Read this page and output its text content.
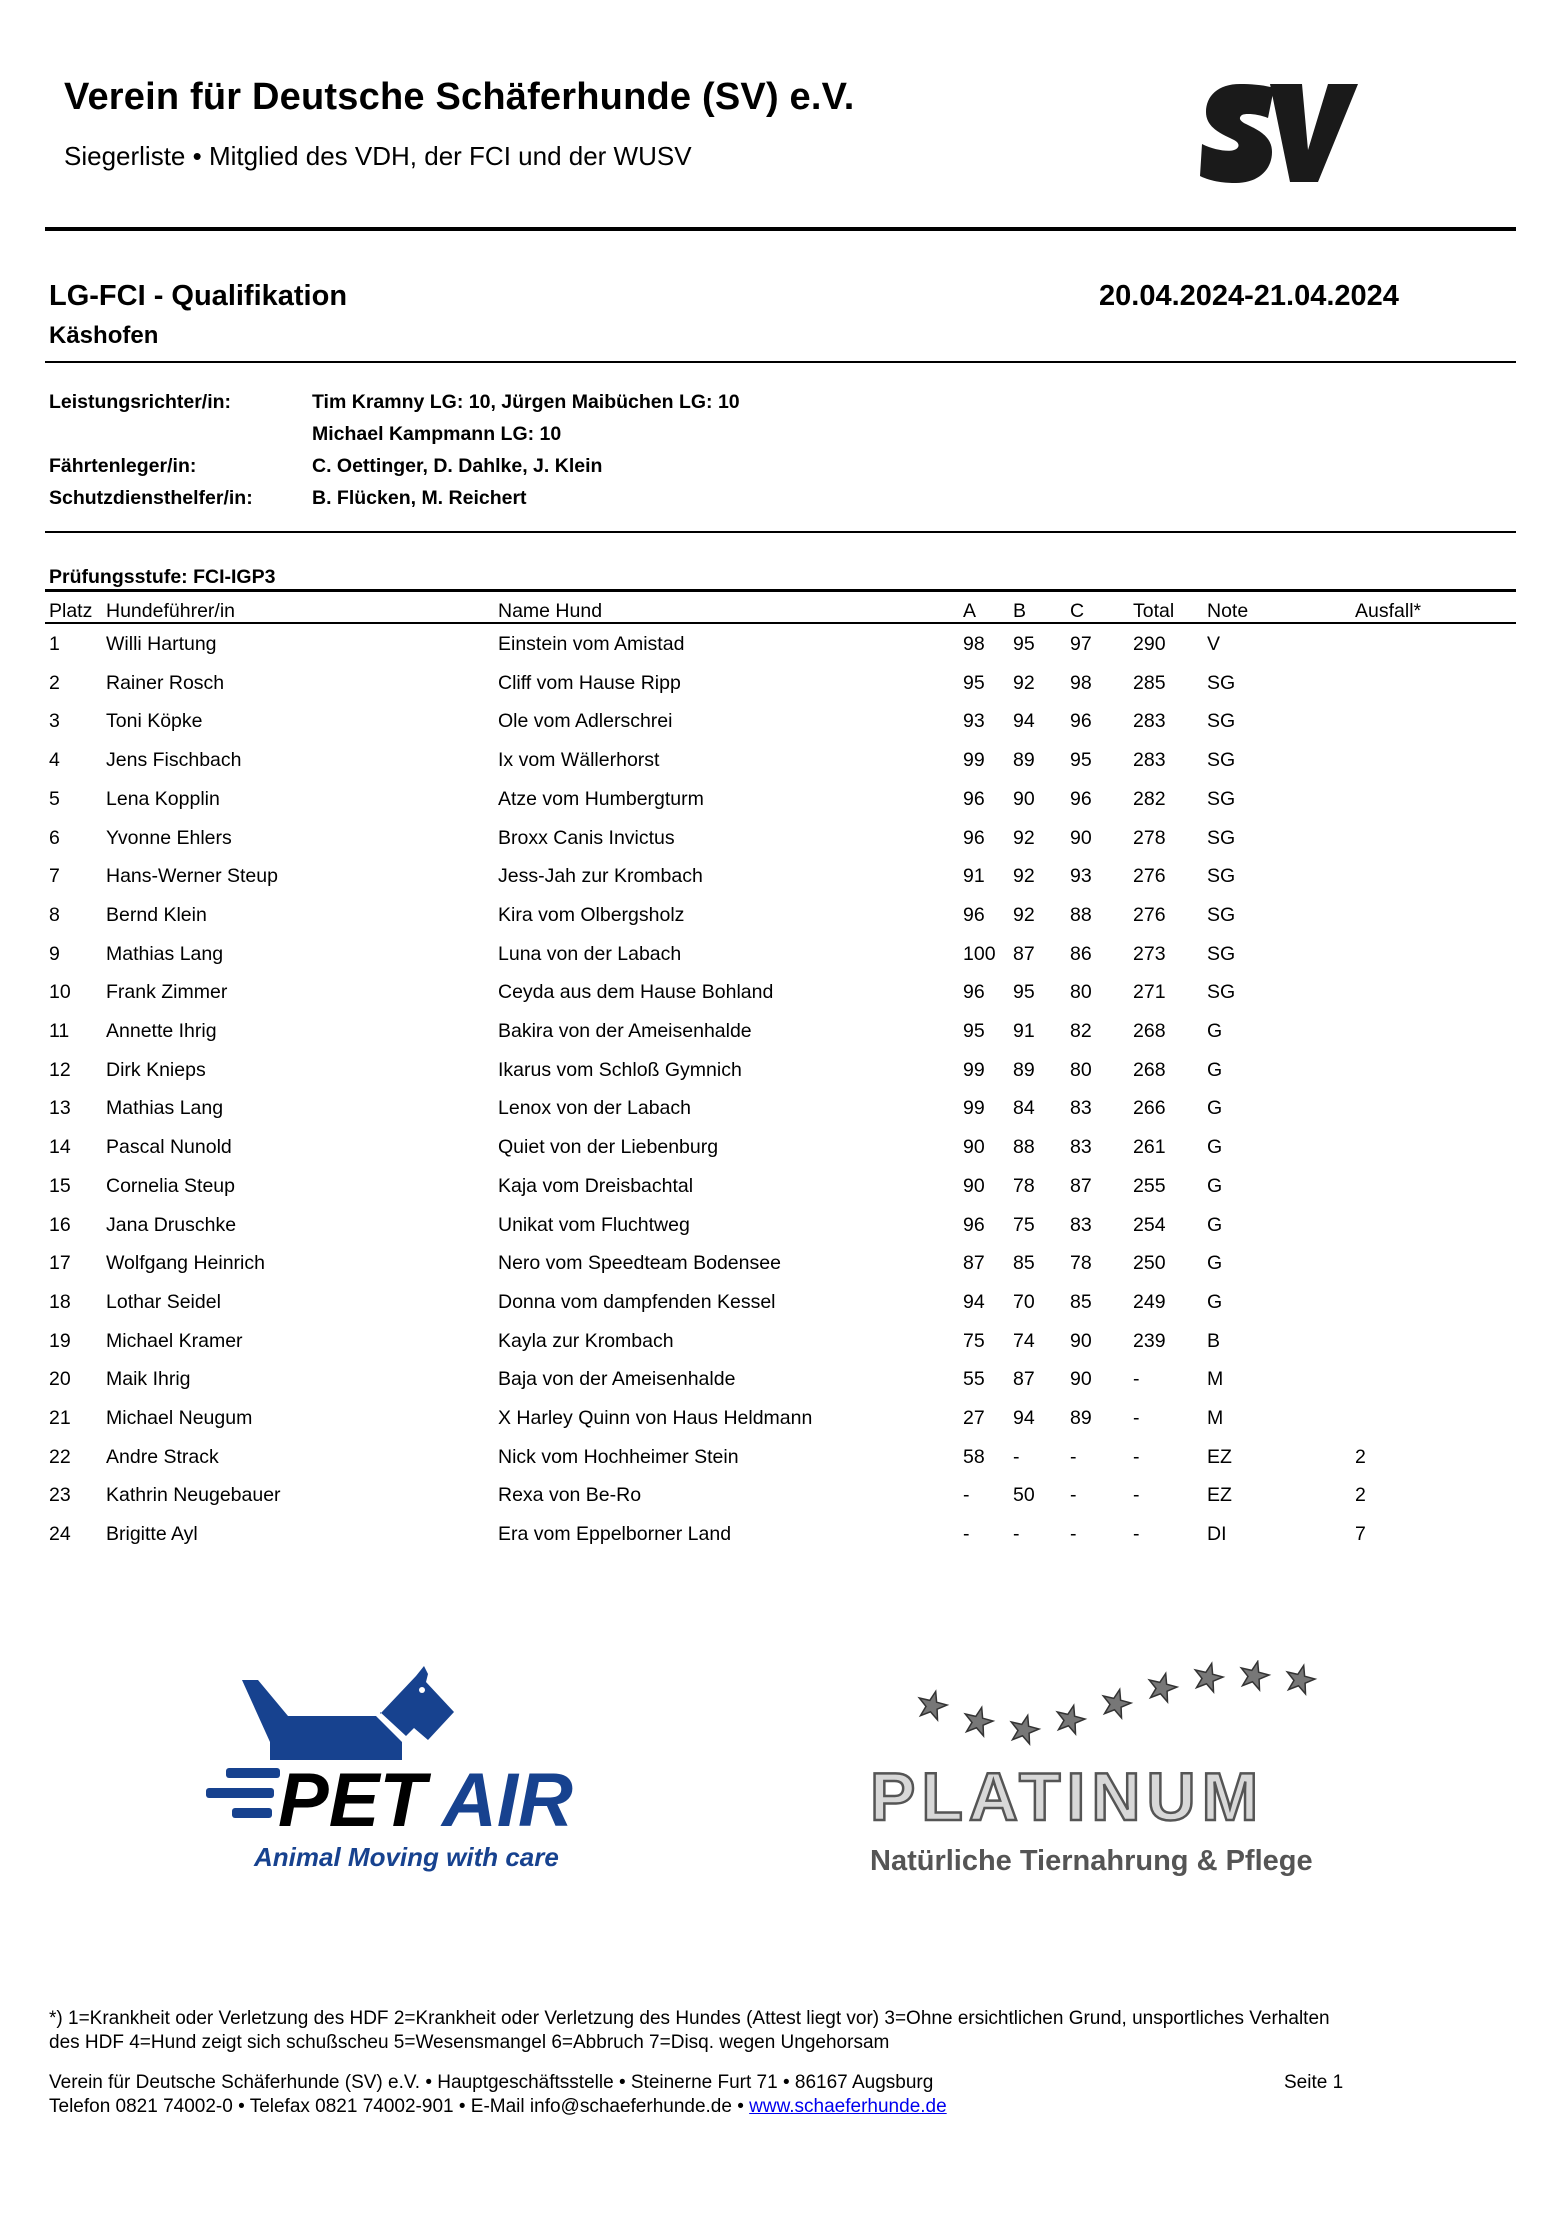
Verein für Deutsche Schäferhunde (SV) e.V.
Siegerliste • Mitglied des VDH, der FCI und der WUSV
LG-FCI - Qualifikation	20.04.2024-21.04.2024
Käshofen
Leistungsrichter/in:	Tim Kramny LG: 10, Jürgen Maibüchen LG: 10
Michael Kampmann LG: 10
Fährtenleger/in:	C. Oettinger, D. Dahlke, J. Klein
Schutzdiensthelfer/in:	B. Flücken, M. Reichert
Prüfungsstufe: FCI-IGP3
Platz Hundeführer/in	Name Hund	A B C	Total Note	Ausfall*
1 Willi Hartung	Einstein vom Amistad	98 95 97 290 V
2 Rainer Rosch	Cliff vom Hause Ripp	95 92 98 285 SG
3 Toni Köpke	Ole vom Adlerschrei	93 94 96 283 SG
4 Jens Fischbach	Ix vom Wällerhorst	99 89 95 283 SG
5 Lena Kopplin	Atze vom Humbergturm	96 90 96 282 SG
6 Yvonne Ehlers	Broxx Canis Invictus	96 92 90 278 SG
7 Hans-Werner Steup	Jess-Jah zur Krombach	91 92 93 276 SG
8 Bernd Klein	Kira vom Olbergsholz	96 92 88 276 SG
9 Mathias Lang	Luna von der Labach	100 87 86 273 SG
10 Frank Zimmer	Ceyda aus dem Hause Bohland	96 95 80 271 SG
11 Annette Ihrig	Bakira von der Ameisenhalde	95 91 82 268 G
12 Dirk Knieps	Ikarus vom Schloß Gymnich	99 89 80 268 G
13 Mathias Lang	Lenox von der Labach	99 84 83 266 G
14 Pascal Nunold	Quiet von der Liebenburg	90 88 83 261 G
15 Cornelia Steup	Kaja vom Dreisbachtal	90 78 87 255 G
16 Jana Druschke	Unikat vom Fluchtweg	96 75 83 254 G
17 Wolfgang Heinrich	Nero vom Speedteam Bodensee	87 85 78 250 G
18 Lothar Seidel	Donna vom dampfenden Kessel	94 70 85 249 G
19 Michael Kramer	Kayla zur Krombach	75 74 90 239 B
20 Maik Ihrig	Baja von der Ameisenhalde	55 87 90 -	M
21 Michael Neugum	X Harley Quinn von Haus Heldmann	27 94 89 -	M
22 Andre Strack	Nick vom Hochheimer Stein	58 -	-	-	EZ	2
23 Kathrin Neugebauer	Rexa von Be-Ro	- 50 -	-	EZ	2
24 Brigitte Ayl	Era vom Eppelborner Land	- -	-	-	DI	7
PET AIR
Animal Moving with care
PLATINUM
Natürliche Tiernahrung & Pflege
*) 1=Krankheit oder Verletzung des HDF 2=Krankheit oder Verletzung des Hundes (Attest liegt vor) 3=Ohne ersichtlichen Grund, unsportliches Verhalten
des HDF 4=Hund zeigt sich schußscheu 5=Wesensmangel 6=Abbruch 7=Disq. wegen Ungehorsam
Verein für Deutsche Schäferhunde (SV) e.V. • Hauptgeschäftsstelle • Steinerne Furt 71 • 86167 Augsburg	Seite 1
Telefon 0821 74002-0 • Telefax 0821 74002-901 • E-Mail info@schaeferhunde.de • www.schaeferhunde.de
